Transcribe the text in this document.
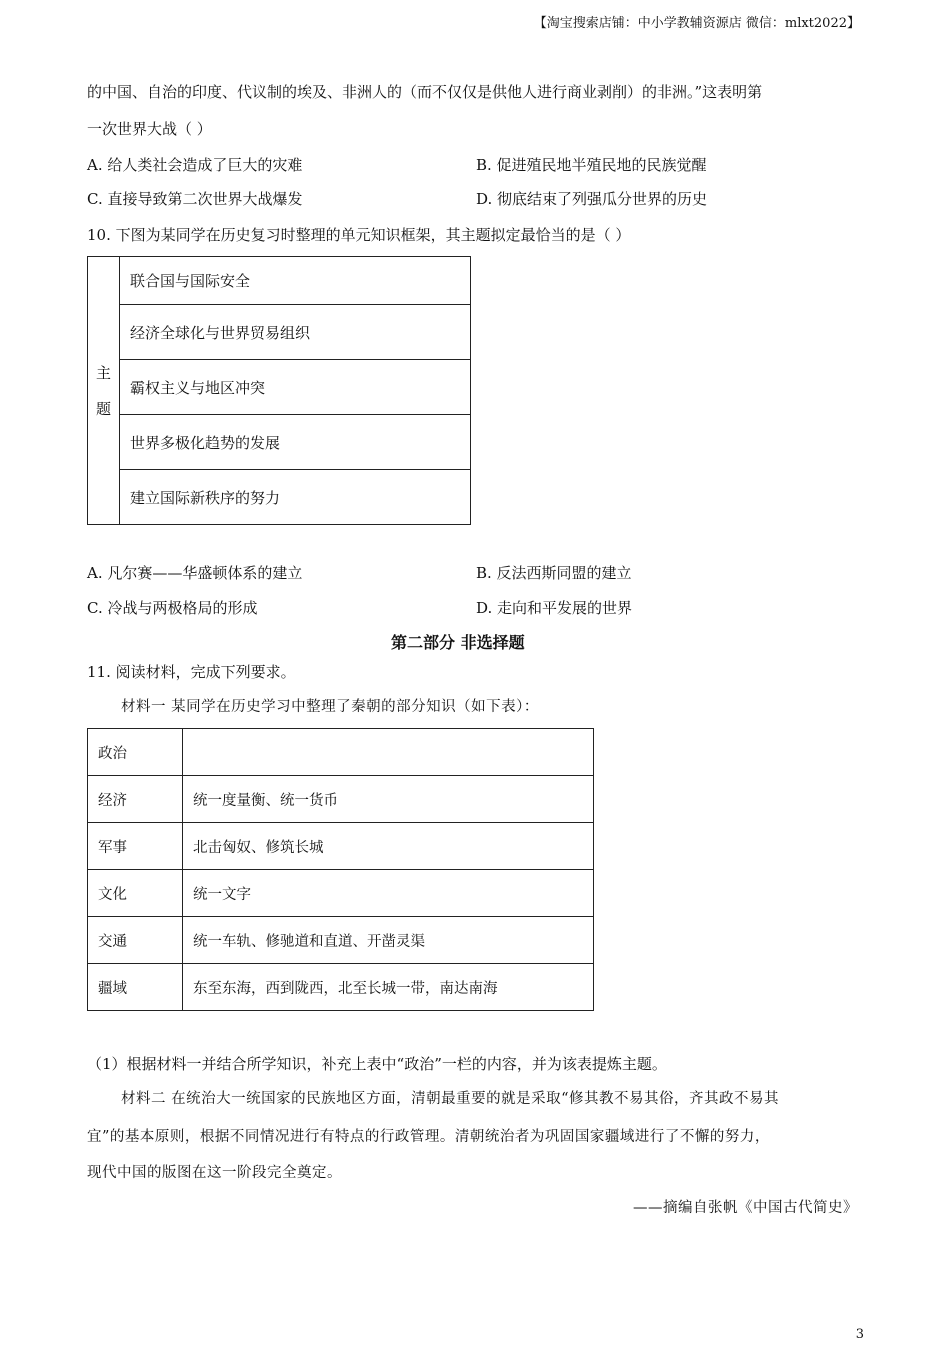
【淘宝搜索店铺：中小学教辅资源店 微信：mlxt2022】
的中国、自治的印度、代议制的埃及、非洲人的（而不仅仅是供他人进行商业剥削）的非洲。”这表明第
一次世界大战（ ）
A. 给人类社会造成了巨大的灾难	B. 促进殖民地半殖民地的民族觉醒
C. 直接导致第二次世界大战爆发	D. 彻底结束了列强瓜分世界的历史
10. 下图为某同学在历史复习时整理的单元知识框架，其主题拟定最恰当的是（ ）
主
题
	联合国与国际安全
经济全球化与世界贸易组织
霸权主义与地区冲突
世界多极化趋势的发展
建立国际新秩序的努力
A. 凡尔赛——华盛顿体系的建立	B. 反法西斯同盟的建立
C. 冷战与两极格局的形成	D. 走向和平发展的世界
第二部分 非选择题
11. 阅读材料，完成下列要求。
材料一 某同学在历史学习中整理了秦朝的部分知识（如下表）：
政治	
经济	统一度量衡、统一货币
军事	北击匈奴、修筑长城
文化	统一文字
交通	统一车轨、修驰道和直道、开凿灵渠
疆域	东至东海，西到陇西，北至长城一带，南达南海
（1）根据材料一并结合所学知识，补充上表中“政治”一栏的内容，并为该表提炼主题。
材料二 在统治大一统国家的民族地区方面，清朝最重要的就是采取“修其教不易其俗，齐其政不易其
宜”的基本原则，根据不同情况进行有特点的行政管理。清朝统治者为巩固国家疆域进行了不懈的努力，
现代中国的版图在这一阶段完全奠定。
——摘编自张帆《中国古代简史》
3
